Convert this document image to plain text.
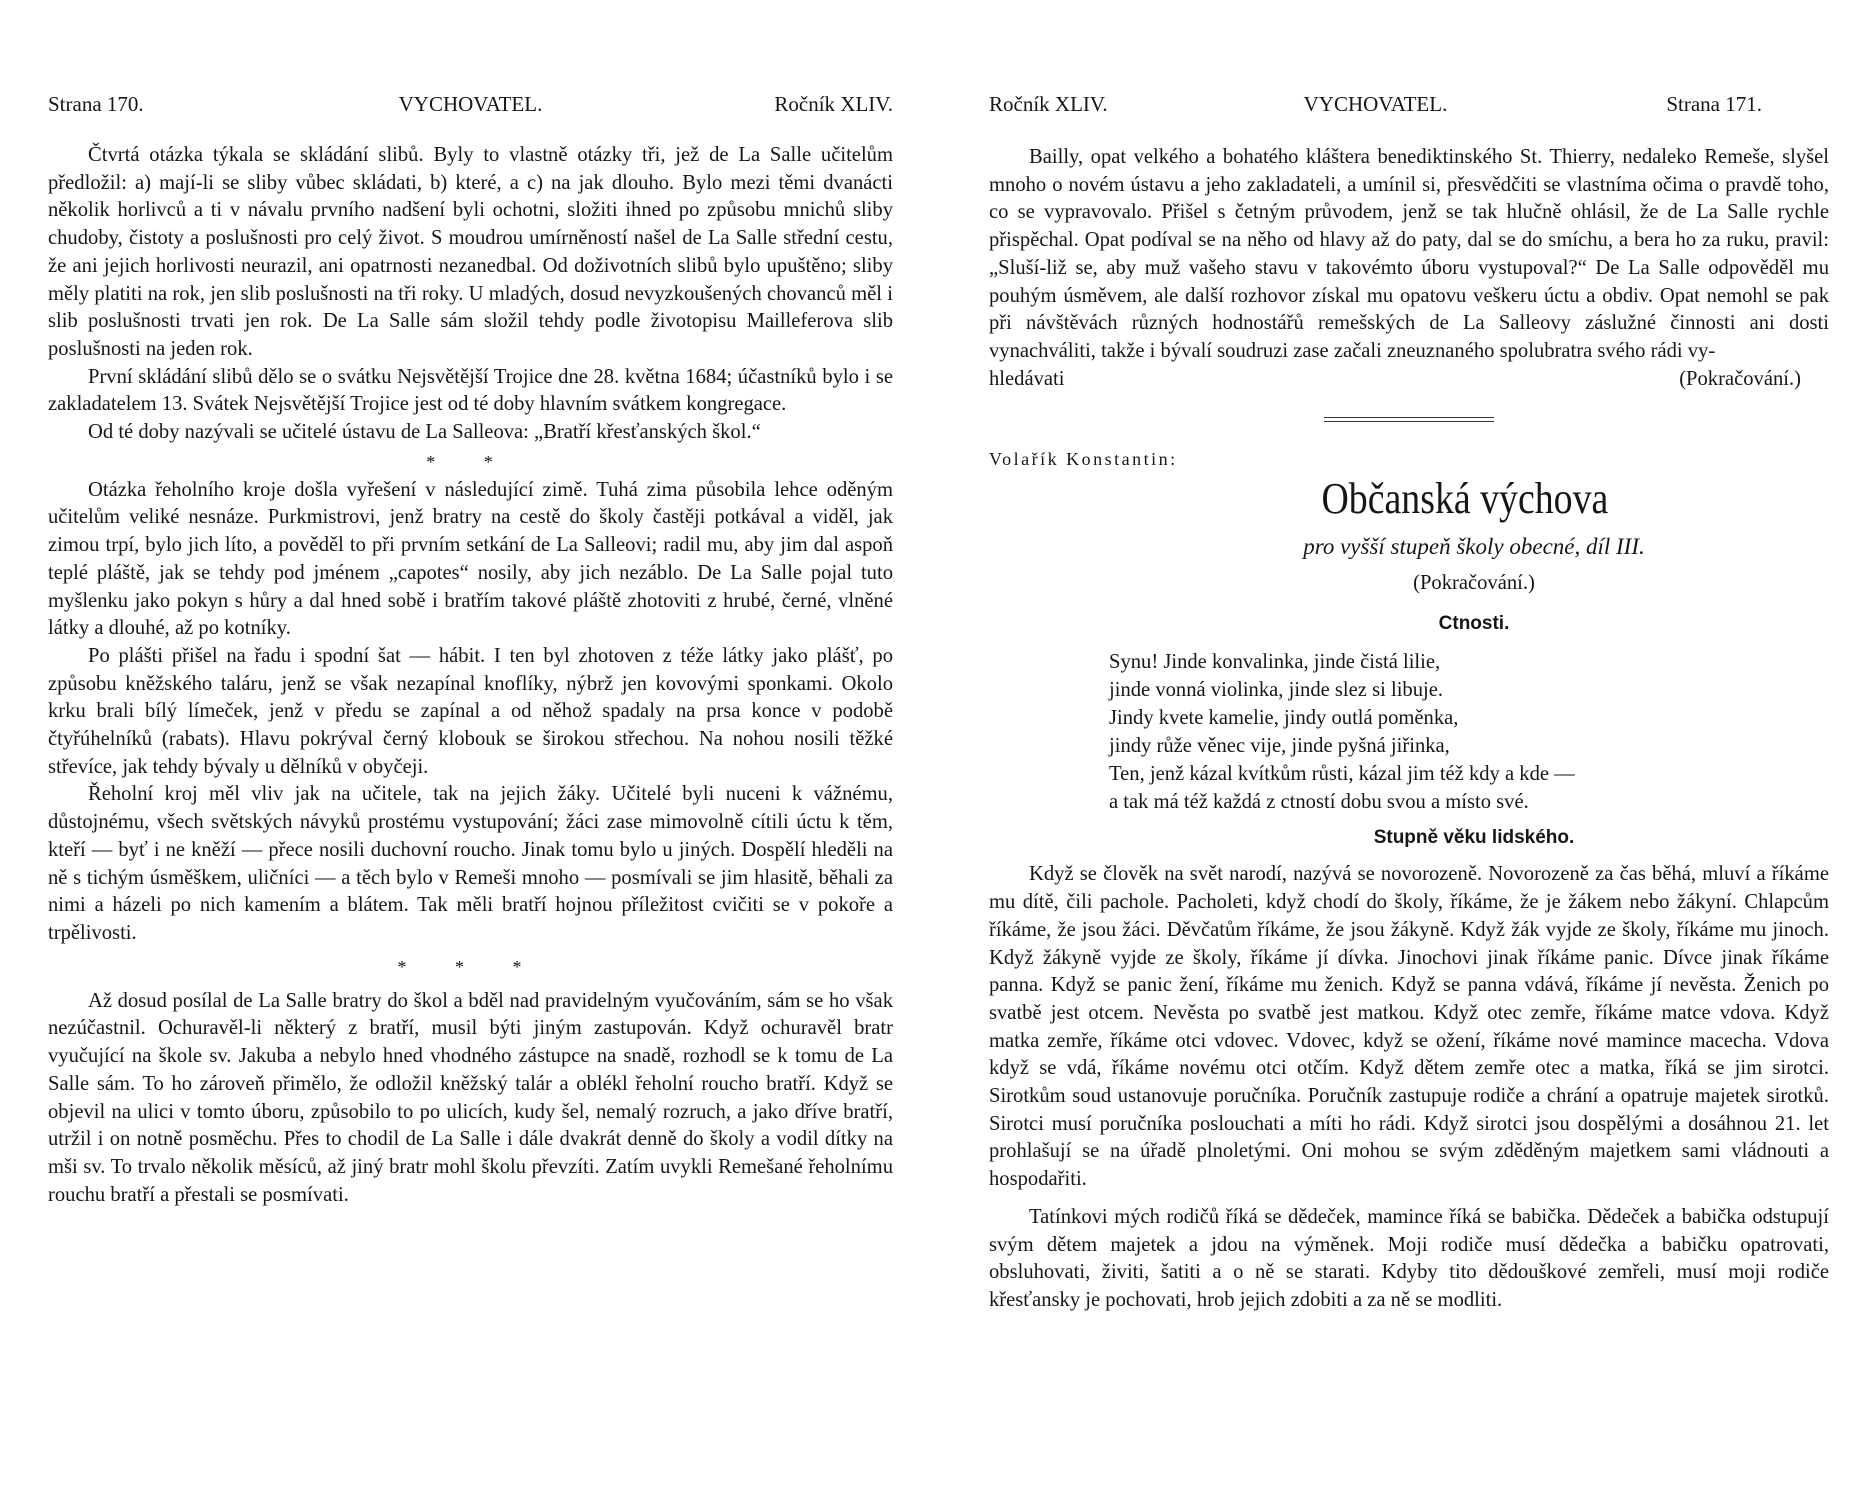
Strana 170.	VYCHOVATEL.	Ročník XLIV.

Čtvrtá otázka týkala se skládání slibů. Byly to vlastně otázky tři, jež de La Salle učitelům předložil: a) mají-li se sliby vůbec skládati, b) které, a c) na jak dlouho. Bylo mezi těmi dvanácti několik horlivců a ti v návalu prvního nadšení byli ochotni, složiti ihned po způsobu mnichů sliby chudoby, čistoty a poslušnosti pro celý život. S moudrou umírněností našel de La Salle střední cestu, že ani jejich horlivosti neurazil, ani opatrnosti nezanedbal. Od doživotních slibů bylo upuštěno; sliby měly platiti na rok, jen slib poslušnosti na tři roky. U mladých, dosud nevyzkoušených chovanců měl i slib poslušnosti trvati jen rok. De La Salle sám složil tehdy podle životopisu Mailleferova slib poslušnosti na jeden rok.

První skládání slibů dělo se o svátku Nejsvětější Trojice dne 28. května 1684; účastníků bylo i se zakladatelem 13. Svátek Nejsvětější Trojice jest od té doby hlavním svátkem kongregace.

Od té doby nazývali se učitelé ústavu de La Salleova: „Bratří křesťanských škol.“

* *

Otázka řeholního kroje došla vyřešení v následující zimě. Tuhá zima působila lehce oděným učitelům veliké nesnáze. Purkmistrovi, jenž bratry na cestě do školy častěji potkával a viděl, jak zimou trpí, bylo jich líto, a pověděl to při prvním setkání de La Salleovi; radil mu, aby jim dal aspoň teplé pláště, jak se tehdy pod jménem „capotes“ nosily, aby jich nezáblo. De La Salle pojal tuto myšlenku jako pokyn s hůry a dal hned sobě i bratřím takové pláště zhotoviti z hrubé, černé, vlněné látky a dlouhé, až po kotníky.

Po plášti přišel na řadu i spodní šat — hábit. I ten byl zhotoven z téže látky jako plášť, po způsobu kněžského taláru, jenž se však nezapínal knoflíky, nýbrž jen kovovými sponkami. Okolo krku brali bílý límeček, jenž v předu se zapínal a od něhož spadaly na prsa konce v podobě čtyřúhelníků (rabats). Hlavu pokrýval černý klobouk se širokou střechou. Na nohou nosili těžké střevíce, jak tehdy bývaly u dělníků v obyčeji.

Řeholní kroj měl vliv jak na učitele, tak na jejich žáky. Učitelé byli nuceni k vážnému, důstojnému, všech světských návyků prostému vystupování; žáci zase mimovolně cítili úctu k těm, kteří — byť i ne kněží — přece nosili duchovní roucho. Jinak tomu bylo u jiných. Dospělí hleděli na ně s tichým úsměškem, uličníci — a těch bylo v Remeši mnoho — posmívali se jim hlasitě, běhali za nimi a házeli po nich kamením a blátem. Tak měli bratří hojnou příležitost cvičiti se v pokoře a trpělivosti.

* * *

Až dosud posílal de La Salle bratry do škol a bděl nad pravidelným vyučováním, sám se ho však nezúčastnil. Ochuravěl-li některý z bratří, musil býti jiným zastupován. Když ochuravěl bratr vyučující na škole sv. Jakuba a nebylo hned vhodného zástupce na snadě, rozhodl se k tomu de La Salle sám. To ho zároveň přimělo, že odložil kněžský talár a oblékl řeholní roucho bratří. Když se objevil na ulici v tomto úboru, způsobilo to po ulicích, kudy šel, nemalý rozruch, a jako dříve bratří, utržil i on notně posměchu. Přes to chodil de La Salle i dále dvakrát denně do školy a vodil dítky na mši sv. To trvalo několik měsíců, až jiný bratr mohl školu převzíti. Zatím uvykli Remešané řeholnímu rouchu bratří a přestali se posmívati.

Ročník XLIV.	VYCHOVATEL.	Strana 171.

Bailly, opat velkého a bohatého kláštera benediktinského St. Thierry, nedaleko Remeše, slyšel mnoho o novém ústavu a jeho zakladateli, a umínil si, přesvědčiti se vlastníma očima o pravdě toho, co se vypravovalo. Přišel s četným průvodem, jenž se tak hlučně ohlásil, že de La Salle rychle přispěchal. Opat podíval se na něho od hlavy až do paty, dal se do smíchu, a bera ho za ruku, pravil: „Sluší-liž se, aby muž vašeho stavu v takovémto úboru vystupoval?“ De La Salle odpověděl mu pouhým úsměvem, ale další rozhovor získal mu opatovu veškeru úctu a obdiv. Opat nemohl se pak při návštěvách různých hodnostářů remešských de La Salleovy záslužné činnosti ani dosti vynachváliti, takže i bývalí soudruzi zase začali zneuznaného spolubratra svého rádi vy-

hledávati	(Pokračování.)

Volařík Konstantin:

Občanská výchova

pro vyšší stupeň školy obecné, díl III.

(Pokračování.)

Ctnosti.

Synu! Jinde konvalinka, jinde čistá lilie,
jinde vonná violinka, jinde slez si libuje.
Jindy kvete kamelie, jindy outlá poměnka,
jindy růže věnec vije, jinde pyšná jiřinka,
Ten, jenž kázal kvítkům růsti, kázal jim též kdy a kde —
a tak má též každá z ctností dobu svou a místo své.

Stupně věku lidského.

Když se člověk na svět narodí, nazývá se novorozeně. Novorozeně za čas běhá, mluví a říkáme mu dítě, čili pachole. Pacholeti, když chodí do školy, říkáme, že je žákem nebo žákyní. Chlapcům říkáme, že jsou žáci. Děvčatům říkáme, že jsou žákyně. Když žák vyjde ze školy, říkáme mu jinoch. Když žákyně vyjde ze školy, říkáme jí dívka. Jinochovi jinak říkáme panic. Dívce jinak říkáme panna. Když se panic žení, říkáme mu ženich. Když se panna vdává, říkáme jí nevěsta. Ženich po svatbě jest otcem. Nevěsta po svatbě jest matkou. Když otec zemře, říkáme matce vdova. Když matka zemře, říkáme otci vdovec. Vdovec, když se ožení, říkáme nové mamince macecha. Vdova když se vdá, říkáme novému otci otčím. Když dětem zemře otec a matka, říká se jim sirotci. Sirotkům soud ustanovuje poručníka. Poručník zastupuje rodiče a chrání a opatruje majetek sirotků. Sirotci musí poručníka poslouchati a míti ho rádi. Když sirotci jsou dospělými a dosáhnou 21. let prohlašují se na úřadě plnoletými. Oni mohou se svým zděděným majetkem sami vládnouti a hospodařiti.

Tatínkovi mých rodičů říká se dědeček, mamince říká se babička. Dědeček a babička odstupují svým dětem majetek a jdou na výměnek. Moji rodiče musí dědečka a babičku opatrovati, obsluhovati, živiti, šatiti a o ně se starati. Kdyby tito dědouškové zemřeli, musí moji rodiče křesťansky je pochovati, hrob jejich zdobiti a za ně se modliti.
